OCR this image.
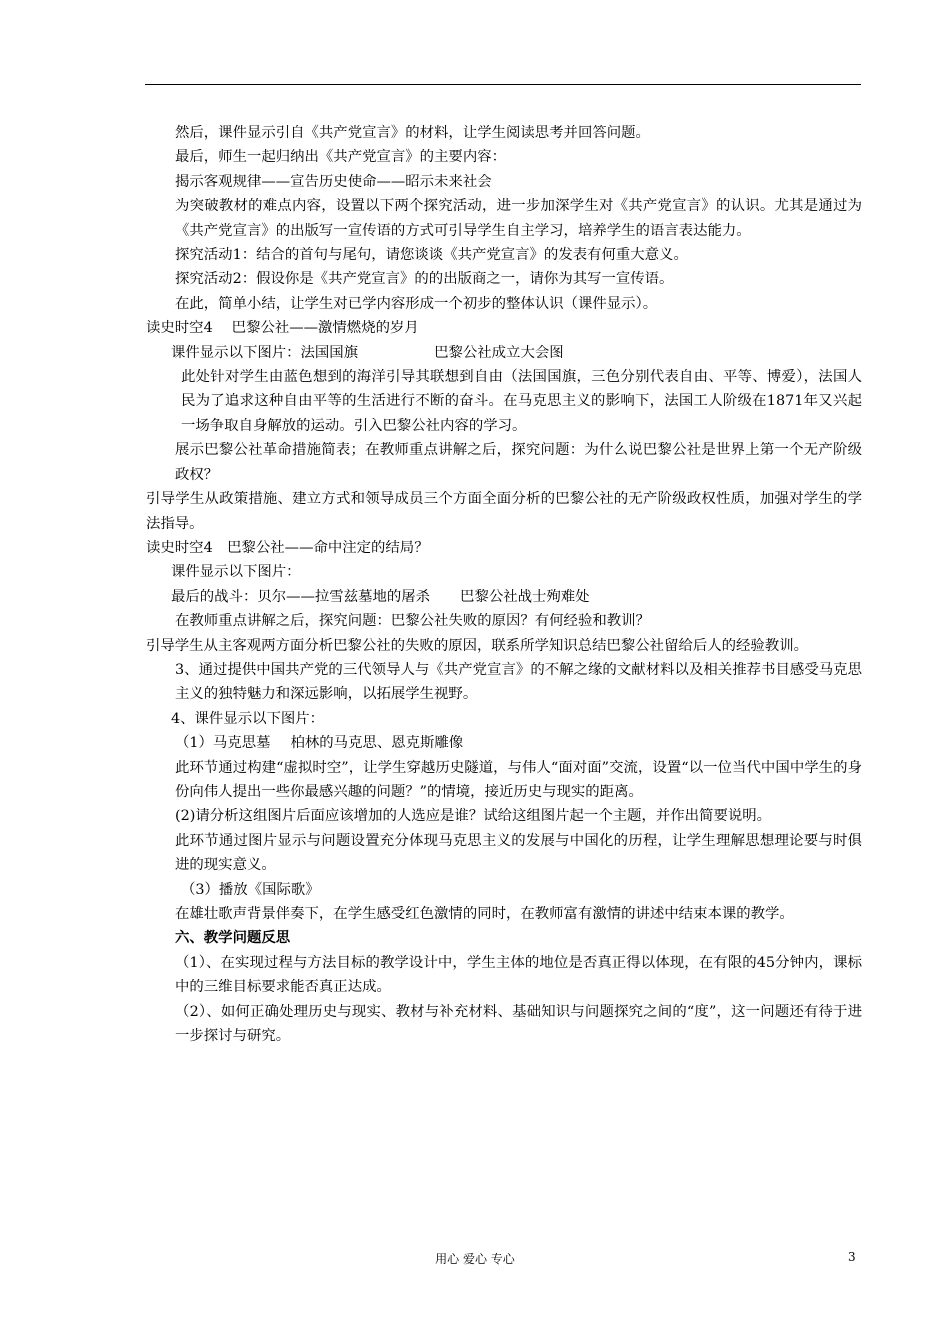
然后，课件显示引自《共产党宣言》的材料，让学生阅读思考并回答问题。

最后，师生一起归纳出《共产党宣言》的主要内容：

揭示客观规律——宣告历史使命——昭示未来社会

为突破教材的难点内容，设置以下两个探究活动，进一步加深学生对《共产党宣言》的认识。尤其是通过为《共产党宣言》的出版写一宣传语的方式可引导学生自主学习，培养学生的语言表达能力。

探究活动1：结合的首句与尾句，请您谈谈《共产党宣言》的发表有何重大意义。

探究活动2：假设你是《共产党宣言》的的出版商之一，请你为其写一宣传语。

在此，简单小结，让学生对已学内容形成一个初步的整体认识（课件显示）。

读史时空4　 巴黎公社——激情燃烧的岁月

课件显示以下图片：法国国旗	巴黎公社成立大会图

此处针对学生由蓝色想到的海洋引导其联想到自由（法国国旗，三色分别代表自由、平等、博爱），法国人民为了追求这种自由平等的生活进行不断的奋斗。在马克思主义的影响下，法国工人阶级在1871年又兴起一场争取自身解放的运动。引入巴黎公社内容的学习。

展示巴黎公社革命措施简表；在教师重点讲解之后，探究问题：为什么说巴黎公社是世界上第一个无产阶级政权？

引导学生从政策措施、建立方式和领导成员三个方面全面分析的巴黎公社的无产阶级政权性质，加强对学生的学法指导。

读史时空4　巴黎公社——命中注定的结局？

课件显示以下图片：

最后的战斗：贝尔——拉雪兹墓地的屠杀 巴黎公社战士殉难处

在教师重点讲解之后，探究问题：巴黎公社失败的原因？有何经验和教训？

引导学生从主客观两方面分析巴黎公社的失败的原因，联系所学知识总结巴黎公社留给后人的经验教训。

3、通过提供中国共产党的三代领导人与《共产党宣言》的不解之缘的文献材料以及相关推荐书目感受马克思主义的独特魅力和深远影响，以拓展学生视野。

4、课件显示以下图片：

（1）马克思墓 柏林的马克思、恩克斯雕像

此环节通过构建“虚拟时空”，让学生穿越历史隧道，与伟人“面对面”交流，设置“以一位当代中国中学生的身份向伟人提出一些你最感兴趣的问题？”的情境，接近历史与现实的距离。

(2)请分析这组图片后面应该增加的人选应是谁？试给这组图片起一个主题，并作出简要说明。

此环节通过图片显示与问题设置充分体现马克思主义的发展与中国化的历程，让学生理解思想理论要与时俱进的现实意义。

（3）播放《国际歌》

在雄壮歌声背景伴奏下，在学生感受红色激情的同时，在教师富有激情的讲述中结束本课的教学。

六、教学问题反思

（1）、在实现过程与方法目标的教学设计中，学生主体的地位是否真正得以体现，在有限的45分钟内，课标中的三维目标要求能否真正达成。

（2）、如何正确处理历史与现实、教材与补充材料、基础知识与问题探究之间的“度”，这一问题还有待于进一步探讨与研究。

用心 爱心 专心	3
